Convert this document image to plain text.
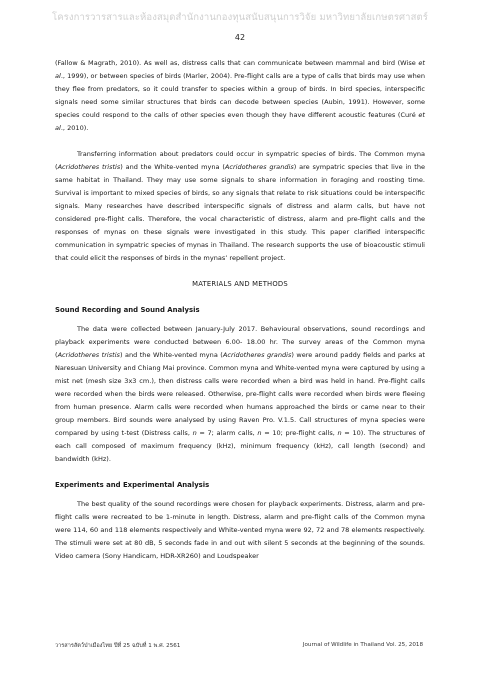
โครงการวารสารและห้องสมุดสำนักงานกองทุนสนับสนุนการวิจัย มหาวิทยาลัยเกษตรศาสตร์
42

(Fallow & Magrath, 2010). As well as, distress calls that can communicate between mammal and bird (Wise et al., 1999), or between species of birds (Marler, 2004). Pre-flight calls are a type of calls that birds may use when they flee from predators, so it could transfer to species within a group of birds. In bird species, interspecific signals need some similar structures that birds can decode between species (Aubin, 1991). However, some species could respond to the calls of other species even though they have different acoustic features (Curé et al., 2010).

Transferring information about predators could occur in sympatric species of birds. The Common myna (Acridotheres tristis) and the White-vented myna (Acridotheres grandis) are sympatric species that live in the same habitat in Thailand. They may use some signals to share information in foraging and roosting time. Survival is important to mixed species of birds, so any signals that relate to risk situations could be interspecific signals. Many researches have described interspecific signals of distress and alarm calls, but have not considered pre-flight calls. Therefore, the vocal characteristic of distress, alarm and pre-flight calls and the responses of mynas on these signals were investigated in this study. This paper clarified interspecific communication in sympatric species of mynas in Thailand. The research supports the use of bioacoustic stimuli that could elicit the responses of birds in the mynas’ repellent project.

MATERIALS AND METHODS

Sound Recording and Sound Analysis

The data were collected between January-July 2017. Behavioural observations, sound recordings and playback experiments were conducted between 6.00- 18.00 hr. The survey areas of the Common myna (Acridotheres tristis) and the White-vented myna (Acridotheres grandis) were around paddy fields and parks at Naresuan University and Chiang Mai province. Common myna and White-vented myna were captured by using a mist net (mesh size 3x3 cm.), then distress calls were recorded when a bird was held in hand. Pre-flight calls were recorded when the birds were released. Otherwise, pre-flight calls were recorded when birds were fleeing from human presence. Alarm calls were recorded when humans approached the birds or came near to their group members. Bird sounds were analysed by using Raven Pro. V.1.5. Call structures of myna species were compared by using t-test (Distress calls, n = 7; alarm calls, n = 10; pre-flight calls, n = 10). The structures of each call composed of maximum frequency (kHz), minimum frequency (kHz), call length (second) and bandwidth (kHz).

Experiments and Experimental Analysis

The best quality of the sound recordings were chosen for playback experiments. Distress, alarm and pre-flight calls were recreated to be 1-minute in length. Distress, alarm and pre-flight calls of the Common myna were 114, 60 and 118 elements respectively and White-vented myna were 92, 72 and 78 elements respectively. The stimuli were set at 80 dB, 5 seconds fade in and out with silent 5 seconds at the beginning of the sounds. Video camera (Sony Handicam, HDR-XR260) and Loudspeaker

วารสารสัตว์ป่าเมืองไทย ปีที่ 25 ฉบับที่ 1 พ.ศ. 2561	Journal of Wildlife in Thailand Vol. 25, 2018
